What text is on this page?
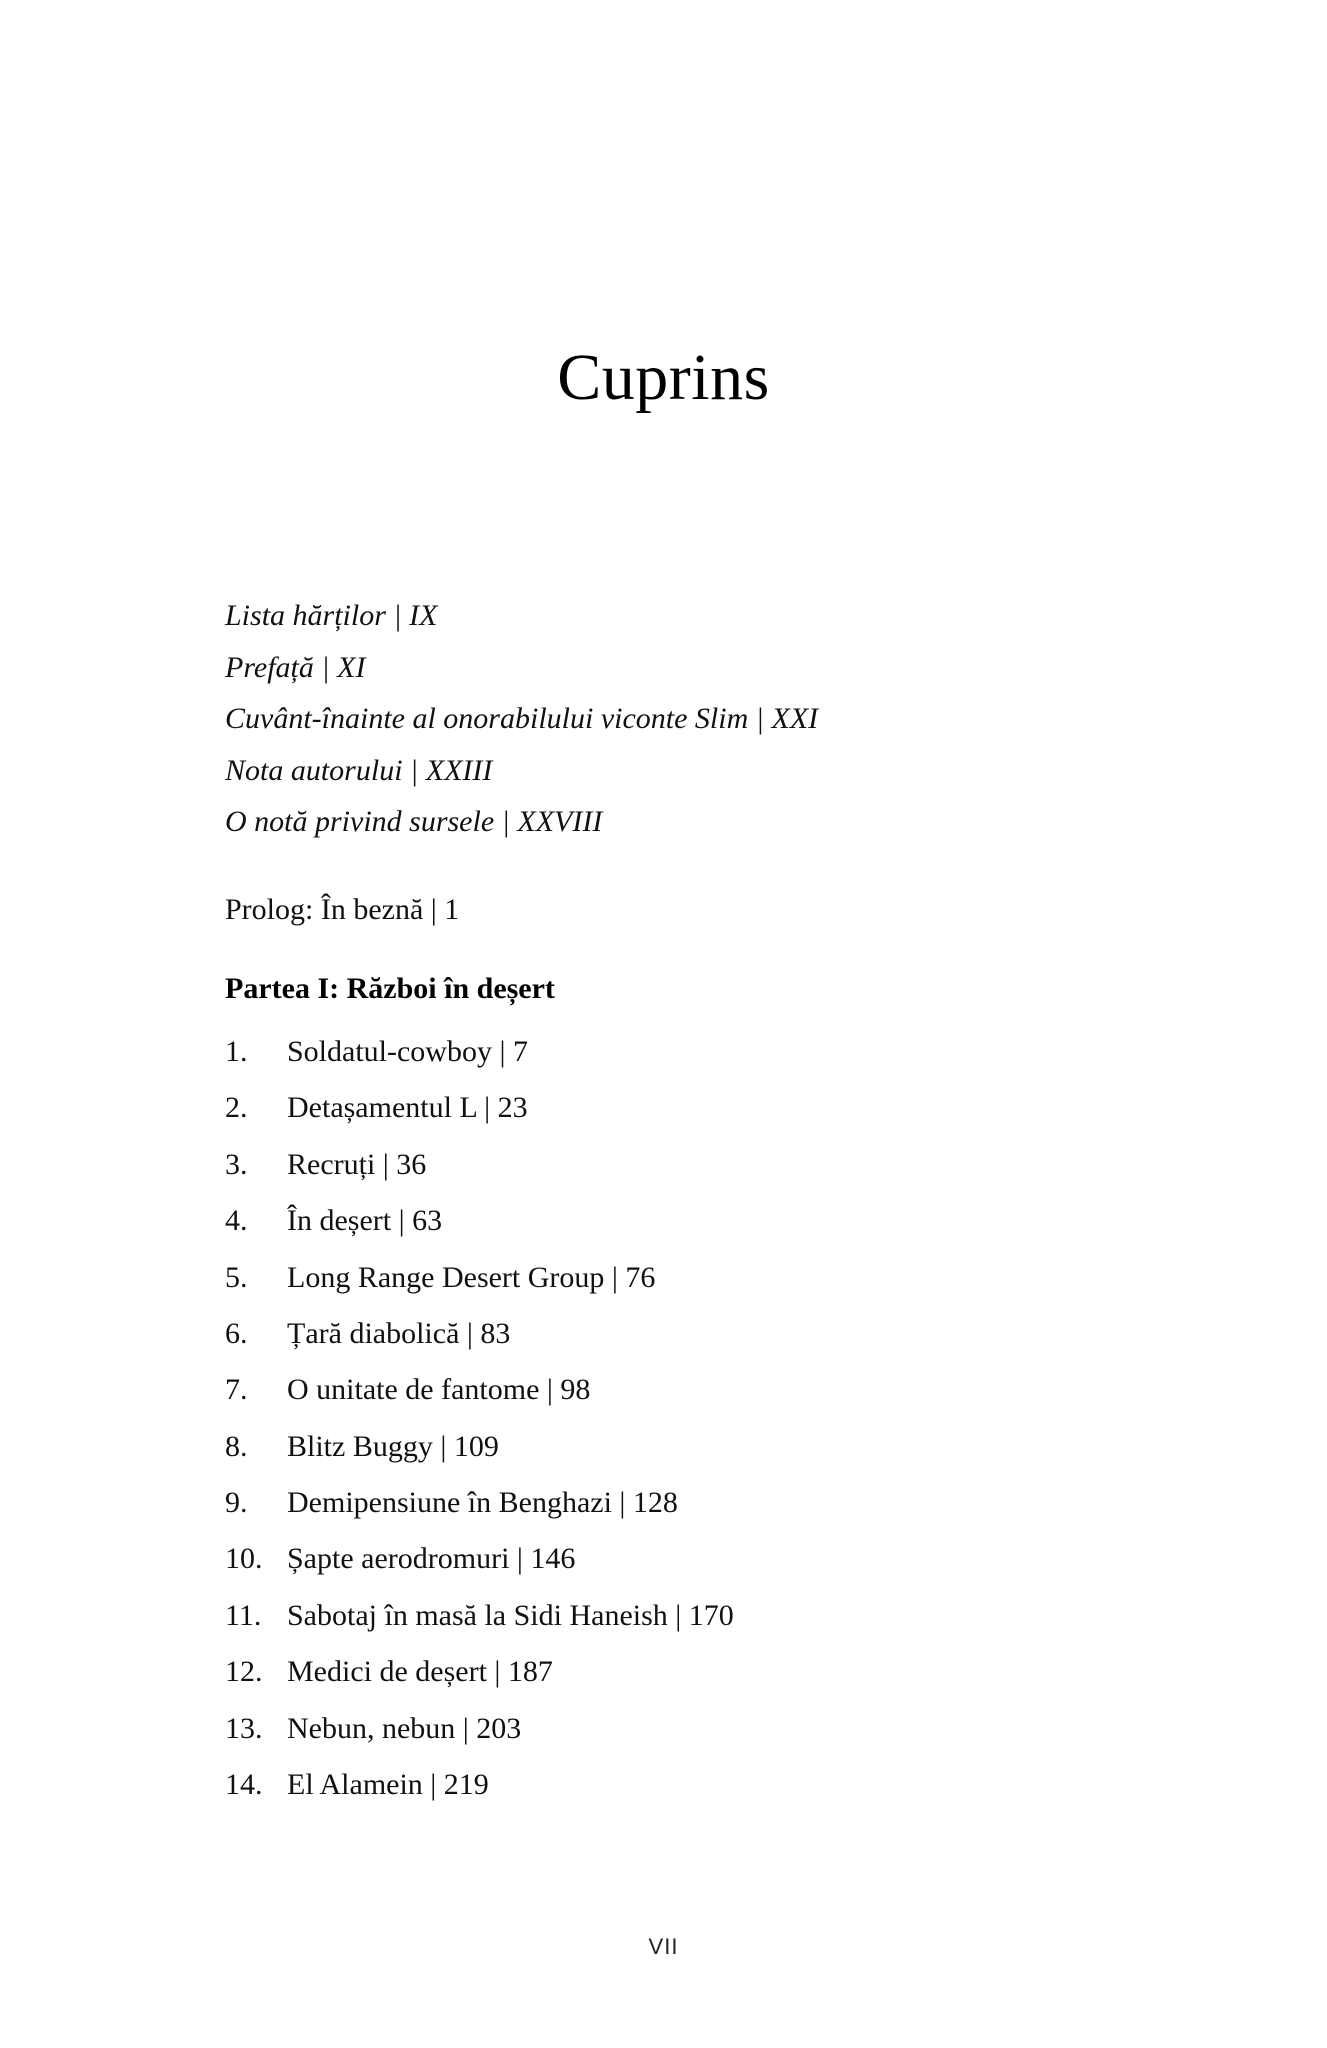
Cuprins
Lista hărților | IX
Prefață | XI
Cuvânt-înainte al onorabilului viconte Slim | XXI
Nota autorului | XXIII
O notă privind sursele | XXVIII
Prolog: În beznă | 1
Partea I: Război în deșert
1.	Soldatul-cowboy | 7
2.	Detașamentul L | 23
3.	Recruți | 36
4.	În deșert | 63
5.	Long Range Desert Group | 76
6.	Țară diabolică | 83
7.	O unitate de fantome | 98
8.	Blitz Buggy | 109
9.	Demipensiune în Benghazi | 128
10. Șapte aerodromuri | 146
11. Sabotaj în masă la Sidi Haneish | 170
12. Medici de deșert | 187
13. Nebun, nebun | 203
14. El Alamein | 219
VII
